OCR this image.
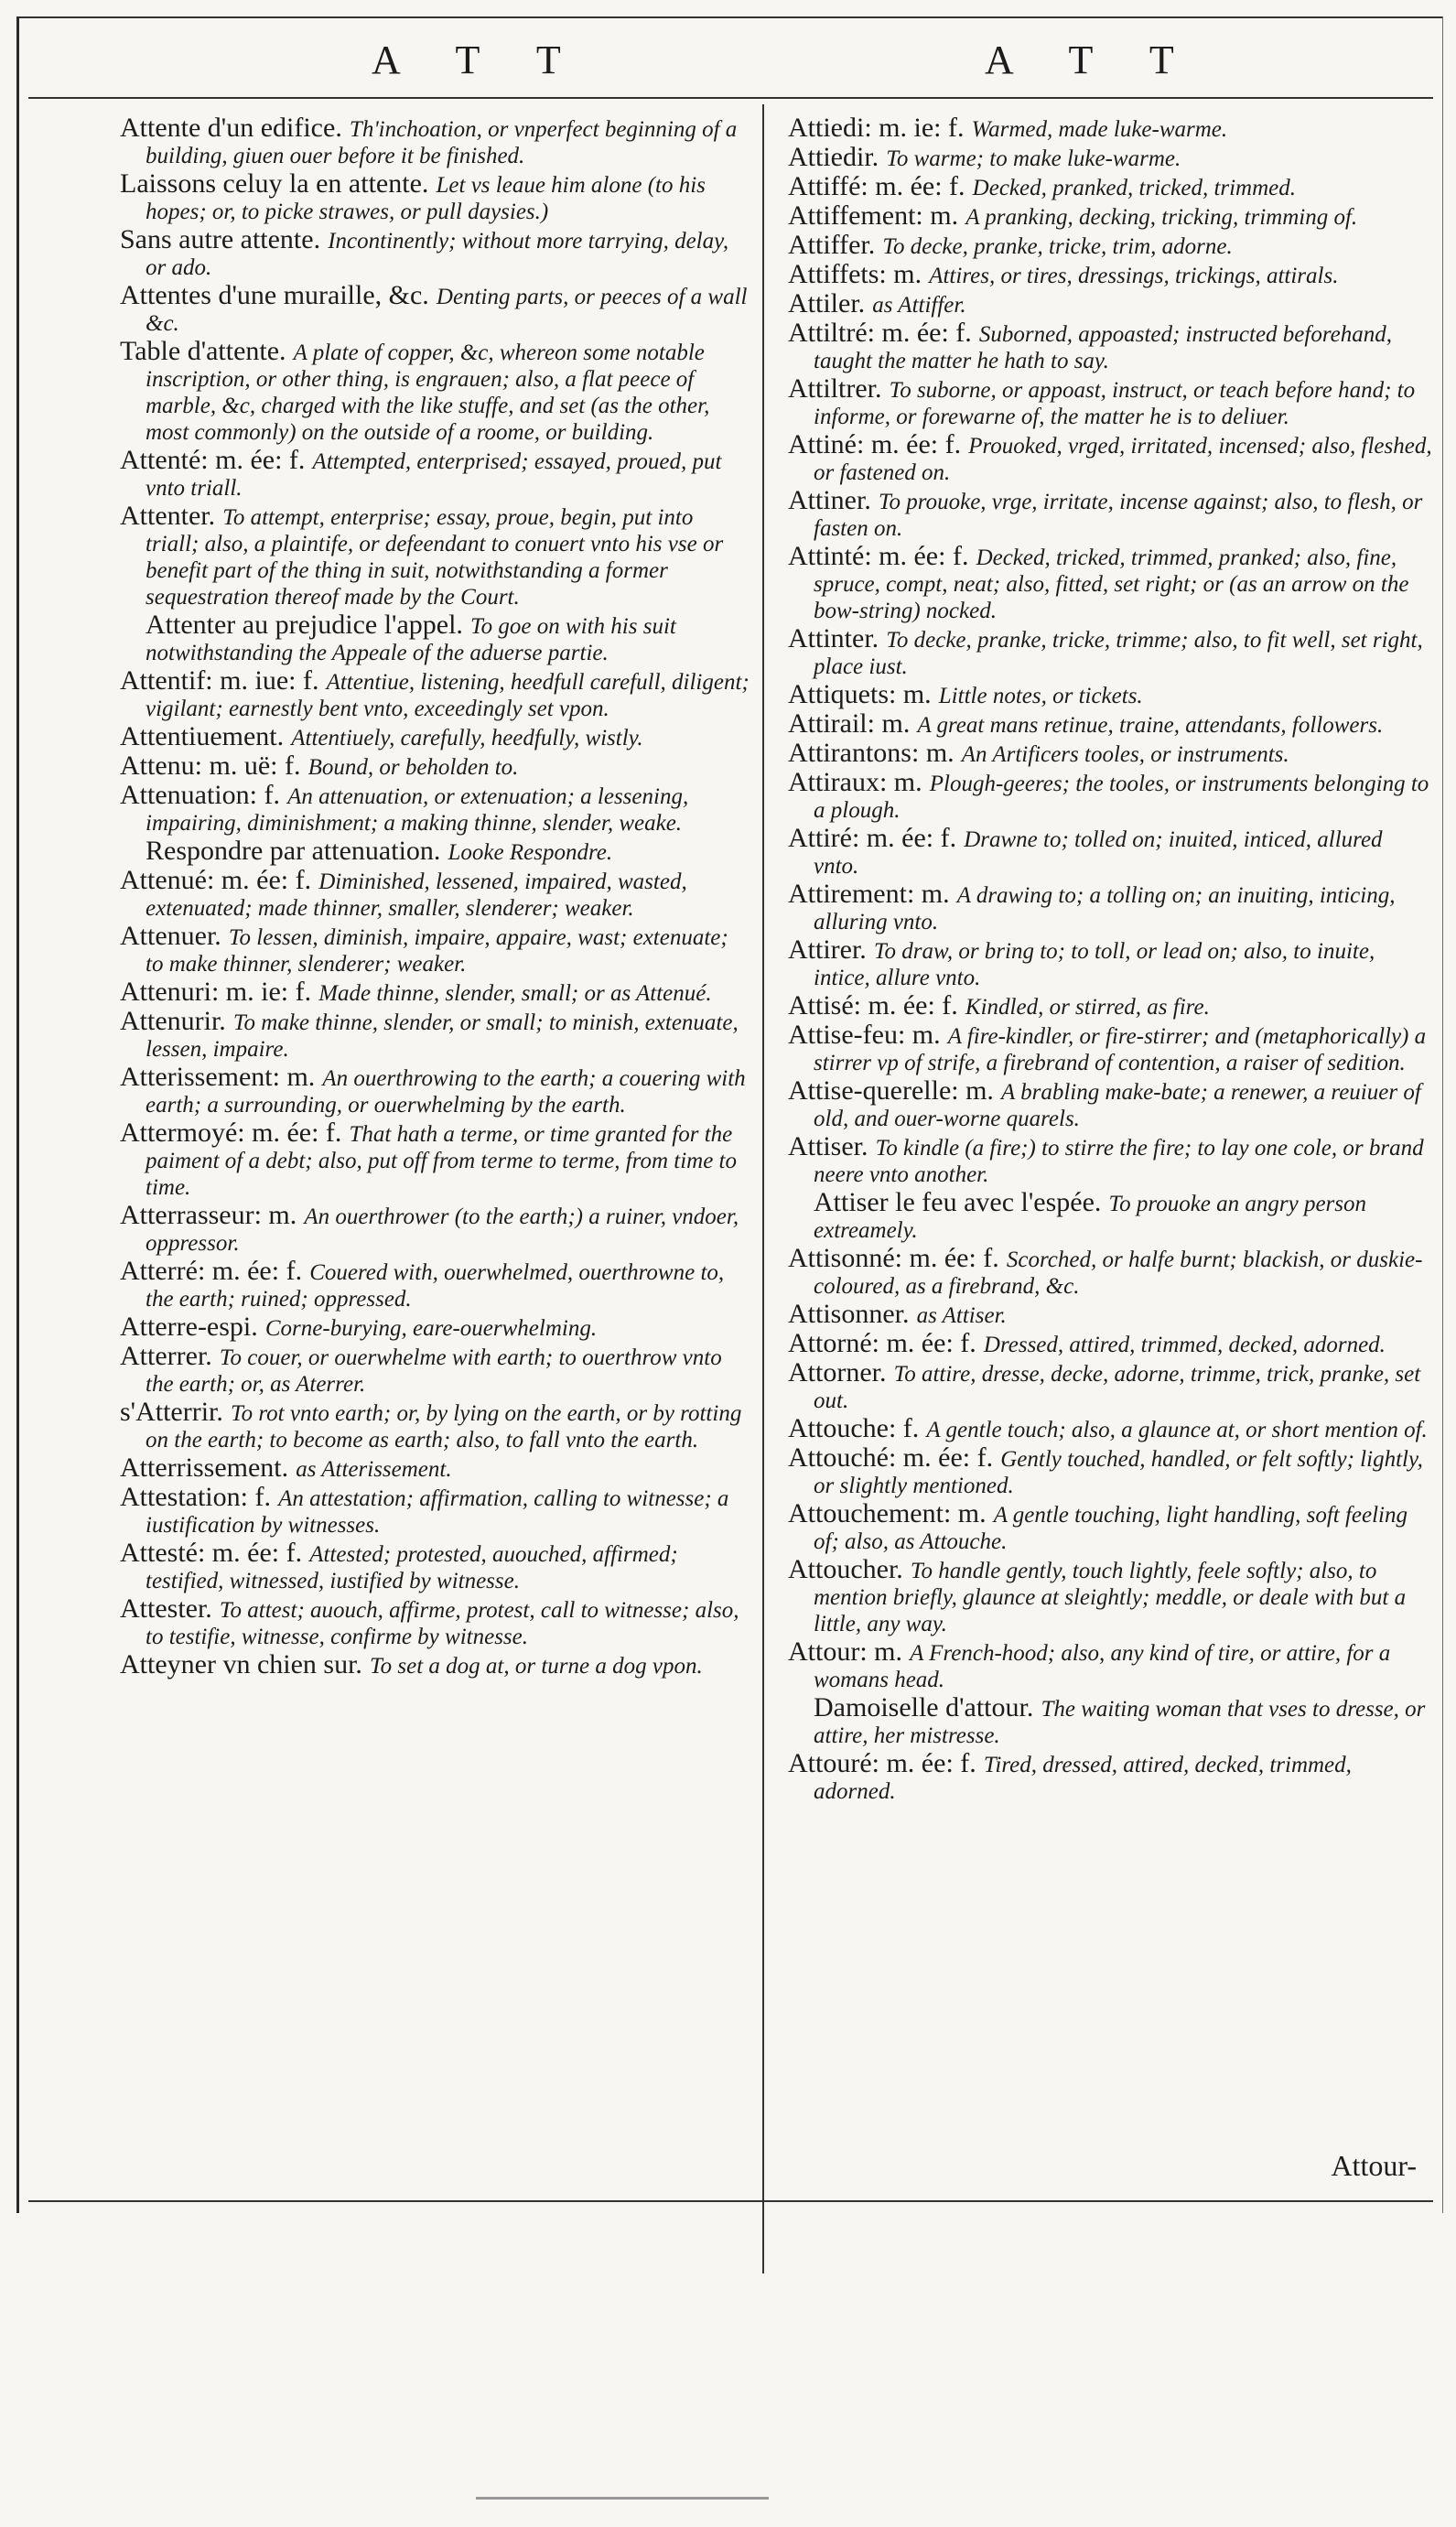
A T T	A T T
Attente d'un edifice. Th'inchoation, or vnperfect beginning of a building, giuen ouer before it be finished.
Laissons celuy la en attente. Let vs leaue him alone (to his hopes; or, to picke strawes, or pull daysies.)
Sans autre attente. Incontinently; without more tarrying, delay, or ado.
Attentes d'une muraille, &c. Denting parts, or peeces of a wall &c.
Table d'attente. A plate of copper, &c, whereon some notable inscription, or other thing, is engrauen; also, a flat peece of marble, &c, charged with the like stuffe, and set (as the other, most commonly) on the outside of a roome, or building.
Attenté: m. ée: f. Attempted, enterprised; essayed, proued, put vnto triall.
Attenter. To attempt, enterprise; essay, proue, begin, put into triall; also, a plaintife, or defeendant to conuert vnto his vse or benefit part of the thing in suit, notwithstanding a former sequestration thereof made by the Court.
Attenter au prejudice l'appel. To goe on with his suit notwithstanding the Appeale of the aduerse partie.
Attentif: m. iue: f. Attentiue, listening, heedfull carefull, diligent; vigilant; earnestly bent vnto, exceedingly set vpon.
Attentiuement. Attentiuely, carefully, heedfully, wistly.
Attenu: m. uë: f. Bound, or beholden to.
Attenuation: f. An attenuation, or extenuation; a lessening, impairing, diminishment; a making thinne, slender, weake.
Respondre par attenuation. Looke Respondre.
Attenué: m. ée: f. Diminished, lessened, impaired, wasted, extenuated; made thinner, smaller, slenderer; weaker.
Attenuer. To lessen, diminish, impaire, appaire, wast; extenuate; to make thinner, slenderer; weaker.
Attenuri: m. ie: f. Made thinne, slender, small; or as Attenué.
Attenurir. To make thinne, slender, or small; to minish, extenuate, lessen, impaire.
Atterissement: m. An ouerthrowing to the earth; a couering with earth; a surrounding, or ouerwhelming by the earth.
Attermoyé: m. ée: f. That hath a terme, or time granted for the paiment of a debt; also, put off from terme to terme, from time to time.
Atterrasseur: m. An ouerthrower (to the earth;) a ruiner, vndoer, oppressor.
Atterré: m. ée: f. Couered with, ouerwhelmed, ouerthrowne to, the earth; ruined; oppressed.
Atterre-espi. Corne-burying, eare-ouerwhelming.
Atterrer. To couer, or ouerwhelme with earth; to ouerthrow vnto the earth; or, as Aterrer.
s'Atterrir. To rot vnto earth; or, by lying on the earth, or by rotting on the earth; to become as earth; also, to fall vnto the earth.
Atterrissement. as Atterissement.
Attestation: f. An attestation; affirmation, calling to witnesse; a iustification by witnesses.
Attesté: m. ée: f. Attested; protested, auouched, affirmed; testified, witnessed, iustified by witnesse.
Attester. To attest; auouch, affirme, protest, call to witnesse; also, to testifie, witnesse, confirme by witnesse.
Atteyner vn chien sur. To set a dog at, or turne a dog vpon.
Attiedi: m. ie: f. Warmed, made luke-warme.
Attiedir. To warme; to make luke-warme.
Attiffé: m. ée: f. Decked, pranked, tricked, trimmed.
Attiffement: m. A pranking, decking, tricking, trimming of.
Attiffer. To decke, pranke, tricke, trim, adorne.
Attiffets: m. Attires, or tires, dressings, trickings, attirals.
Attiler. as Attiffer.
Attiltré: m. ée: f. Suborned, appoasted; instructed beforehand, taught the matter he hath to say.
Attiltrer. To suborne, or appoast, instruct, or teach before hand; to informe, or forewarne of, the matter he is to deliuer.
Attiné: m. ée: f. Prouoked, vrged, irritated, incensed; also, fleshed, or fastened on.
Attiner. To prouoke, vrge, irritate, incense against; also, to flesh, or fasten on.
Attinté: m. ée: f. Decked, tricked, trimmed, pranked; also, fine, spruce, compt, neat; also, fitted, set right; or (as an arrow on the bow-string) nocked.
Attinter. To decke, pranke, tricke, trimme; also, to fit well, set right, place iust.
Attiquets: m. Little notes, or tickets.
Attirail: m. A great mans retinue, traine, attendants, followers.
Attirantons: m. An Artificers tooles, or instruments.
Attiraux: m. Plough-geeres; the tooles, or instruments belonging to a plough.
Attiré: m. ée: f. Drawne to; tolled on; inuited, inticed, allured vnto.
Attirement: m. A drawing to; a tolling on; an inuiting, inticing, alluring vnto.
Attirer. To draw, or bring to; to toll, or lead on; also, to inuite, intice, allure vnto.
Attisé: m. ée: f. Kindled, or stirred, as fire.
Attise-feu: m. A fire-kindler, or fire-stirrer; and (metaphorically) a stirrer vp of strife, a firebrand of contention, a raiser of sedition.
Attise-querelle: m. A brabling make-bate; a renewer, a reuiuer of old, and ouer-worne quarels.
Attiser. To kindle (a fire;) to stirre the fire; to lay one cole, or brand neere vnto another.
Attiser le feu avec l'espée. To prouoke an angry person extreamely.
Attisonné: m. ée: f. Scorched, or halfe burnt; blackish, or duskie-coloured, as a firebrand, &c.
Attisonner. as Attiser.
Attorné: m. ée: f. Dressed, attired, trimmed, decked, adorned.
Attorner. To attire, dresse, decke, adorne, trimme, trick, pranke, set out.
Attouche: f. A gentle touch; also, a glaunce at, or short mention of.
Attouché: m. ée: f. Gently touched, handled, or felt softly; lightly, or slightly mentioned.
Attouchement: m. A gentle touching, light handling, soft feeling of; also, as Attouche.
Attoucher. To handle gently, touch lightly, feele softly; also, to mention briefly, glaunce at sleightly; meddle, or deale with but a little, any way.
Attour: m. A French-hood; also, any kind of tire, or attire, for a womans head.
Damoiselle d'attour. The waiting woman that vses to dresse, or attire, her mistresse.
Attouré: m. ée: f. Tired, dressed, attired, decked, trimmed, adorned.
Attour-
